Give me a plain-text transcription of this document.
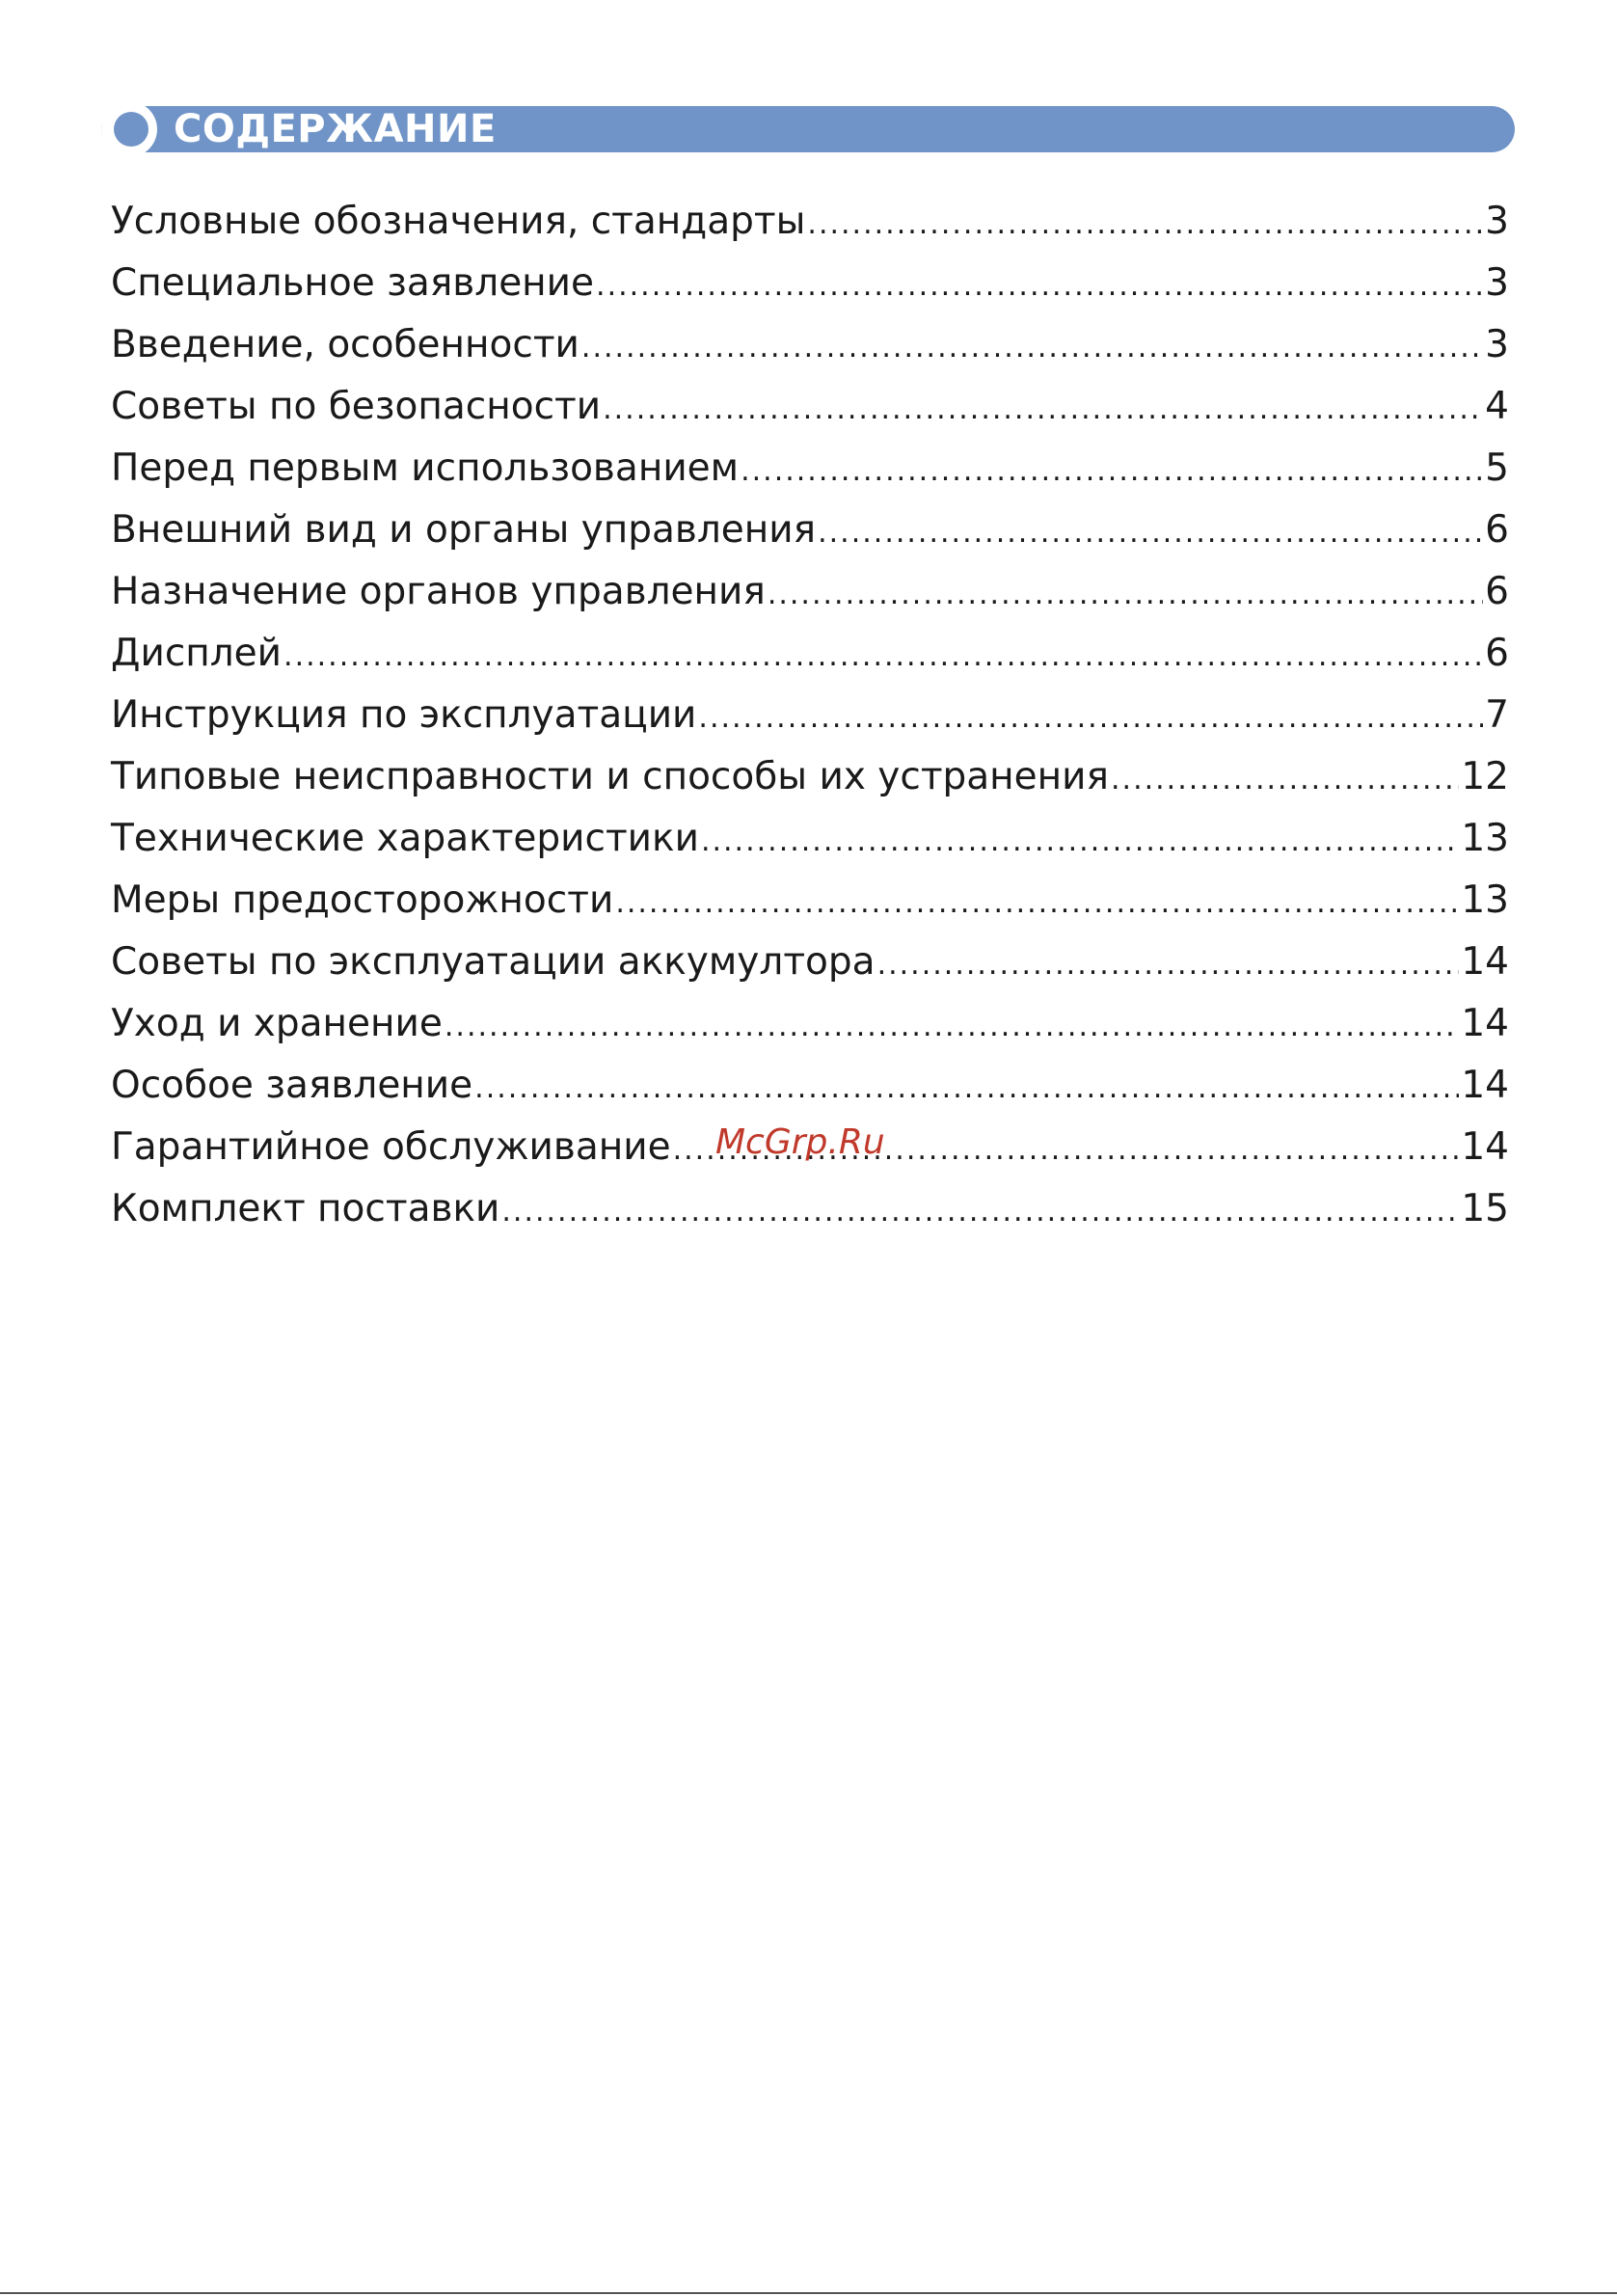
СОДЕРЖАНИЕ
Условные обозначения, стандарты .....	3
Специальное заявление .....	3
Введение, особенности .....	3
Советы по безопасности .....	4
Перед первым использованием .....	5
Внешний вид и органы управления .....	6
Назначение органов управления .....	6
Дисплей .....	6
Инструкция по эксплуатации .....	7
Типовые неисправности и способы их устранения .....	12
Технические характеристики .....	13
Меры предосторожности .....	13
Советы по эксплуатации аккумултора .....	14
Уход и хранение .....	14
Особое заявление .....	14
Гарантийное обслуживание .....	14
Комплект поставки .....	15
McGrp.Ru
